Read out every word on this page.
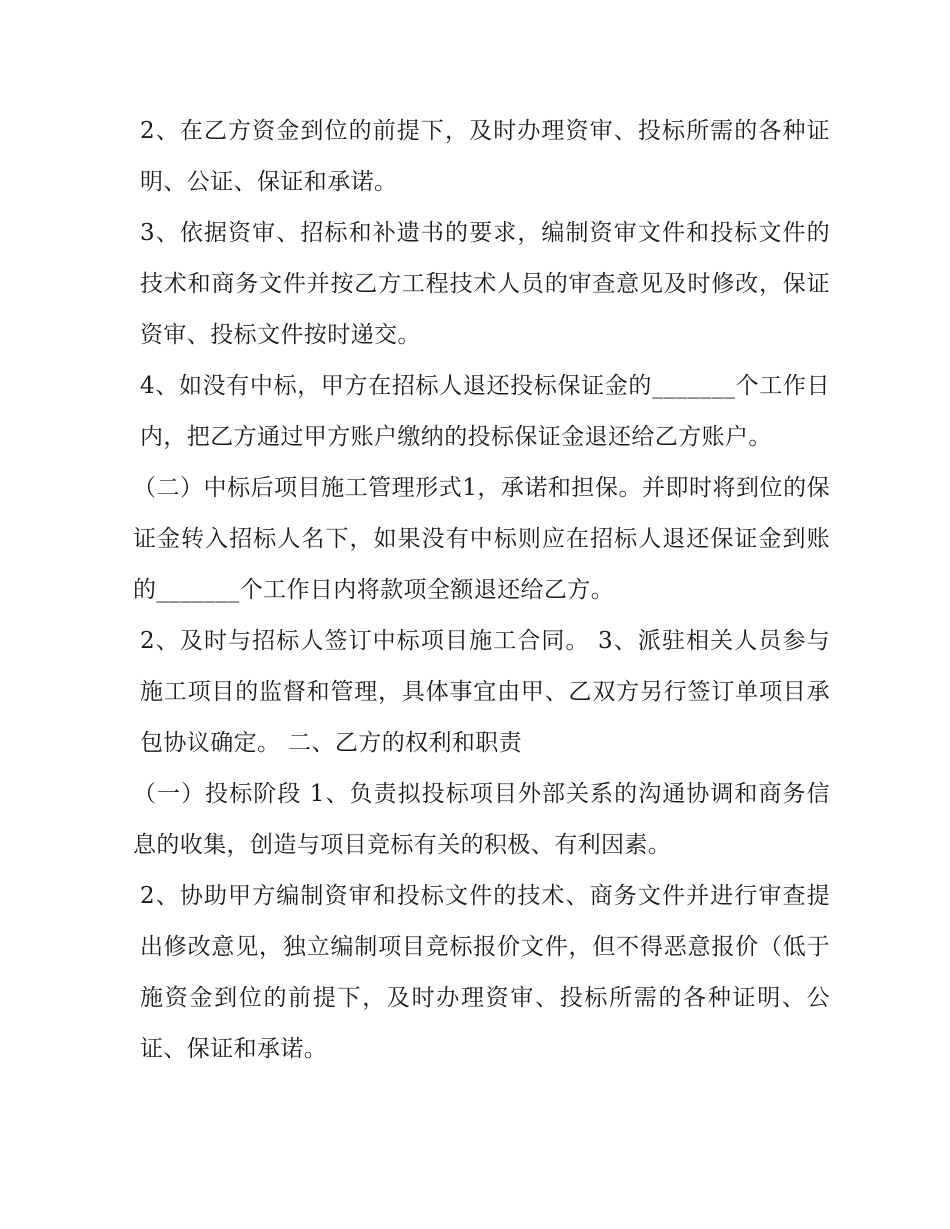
2、在乙方资金到位的前提下，及时办理资审、投标所需的各种证明、公证、保证和承诺。

3、依据资审、招标和补遗书的要求，编制资审文件和投标文件的技术和商务文件并按乙方工程技术人员的审查意见及时修改，保证资审、投标文件按时递交。

4、如没有中标，甲方在招标人退还投标保证金的_______个工作日内，把乙方通过甲方账户缴纳的投标保证金退还给乙方账户。

（二）中标后项目施工管理形式1，承诺和担保。并即时将到位的保证金转入招标人名下，如果没有中标则应在招标人退还保证金到账的_______个工作日内将款项全额退还给乙方。

2、及时与招标人签订中标项目施工合同。 3、派驻相关人员参与施工项目的监督和管理，具体事宜由甲、乙双方另行签订单项目承包协议确定。 二、乙方的权利和职责

（一）投标阶段 1、负责拟投标项目外部关系的沟通协调和商务信息的收集，创造与项目竞标有关的积极、有利因素。

2、协助甲方编制资审和投标文件的技术、商务文件并进行审查提出修改意见，独立编制项目竞标报价文件，但不得恶意报价（低于施资金到位的前提下，及时办理资审、投标所需的各种证明、公证、保证和承诺。
